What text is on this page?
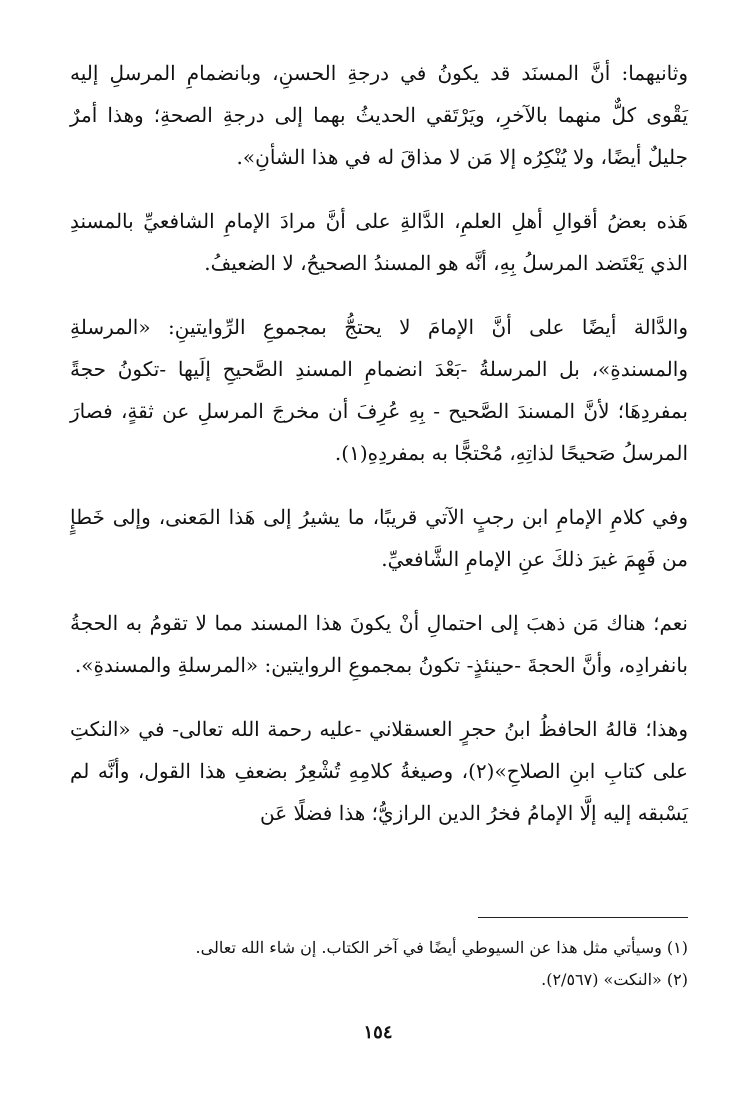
وثانيهما: أنَّ المسنَد قد يكونُ في درجةِ الحسنِ، وبانضمامِ المرسلِ إليه يَقْوى كلٌّ منهما بالآخرِ، ويَرْتَقي الحديثُ بهما إلى درجةِ الصحةِ؛ وهذا أمرٌ جليلٌ أيضًا، ولا يُنْكِرُه إلا مَن لا مذاقَ له في هذا الشأنِ».

هَذه بعضُ أقوالِ أهلِ العلمِ، الدَّالةِ على أنَّ مرادَ الإمامِ الشافعيِّ بالمسندِ الذي يَعْتَضد المرسلُ بِهِ، أنَّه هو المسندُ الصحيحُ، لا الضعيفُ.

والدَّالة أيضًا على أنَّ الإمامَ لا يحتجُّ بمجموعِ الرِّوايتينِ: «المرسلةِ والمسندةِ»، بل المرسلةُ -بَعْدَ انضمامِ المسندِ الصَّحيحِ إلَيها -تكونُ حجةً بمفردِهَا؛ لأنَّ المسندَ الصَّحيح - بِهِ عُرِفَ أن مخرجَ المرسلِ عن ثقةٍ، فصارَ المرسلُ صَحيحًا لذاتِهِ، مُحْتجًّا به بمفردِهِ(١).

وفي كلامِ الإمامِ ابن رجبٍ الآتي قريبًا، ما يشيرُ إلى هَذا المَعنى، وإلى خَطإٍ من فَهِمَ غيرَ ذلكَ عنِ الإمامِ الشَّافعيِّ.

نعم؛ هناك مَن ذهبَ إلى احتمالِ أنْ يكونَ هذا المسند مما لا تقومُ به الحجةُ بانفرادِه، وأنَّ الحجةَ -حينئذٍ- تكونُ بمجموعِ الروايتين: «المرسلةِ والمسندةِ».

وهذا؛ قالهُ الحافظُ ابنُ حجرٍ العسقلاني -عليه رحمة الله تعالى- في «النكتِ على كتابِ ابنِ الصلاحِ»(٢)، وصيغةُ كلامِهِ تُشْعِرُ بضعفِ هذا القول، وأنَّه لم يَسْبقه إليه إلَّا الإمامُ فخرُ الدين الرازيُّ؛ هذا فضلًا عَن

(١) وسيأتي مثل هذا عن السيوطي أيضًا في آخر الكتاب. إن شاء الله تعالى.

(٢) «النكت» (٢/٥٦٧).

١٥٤
